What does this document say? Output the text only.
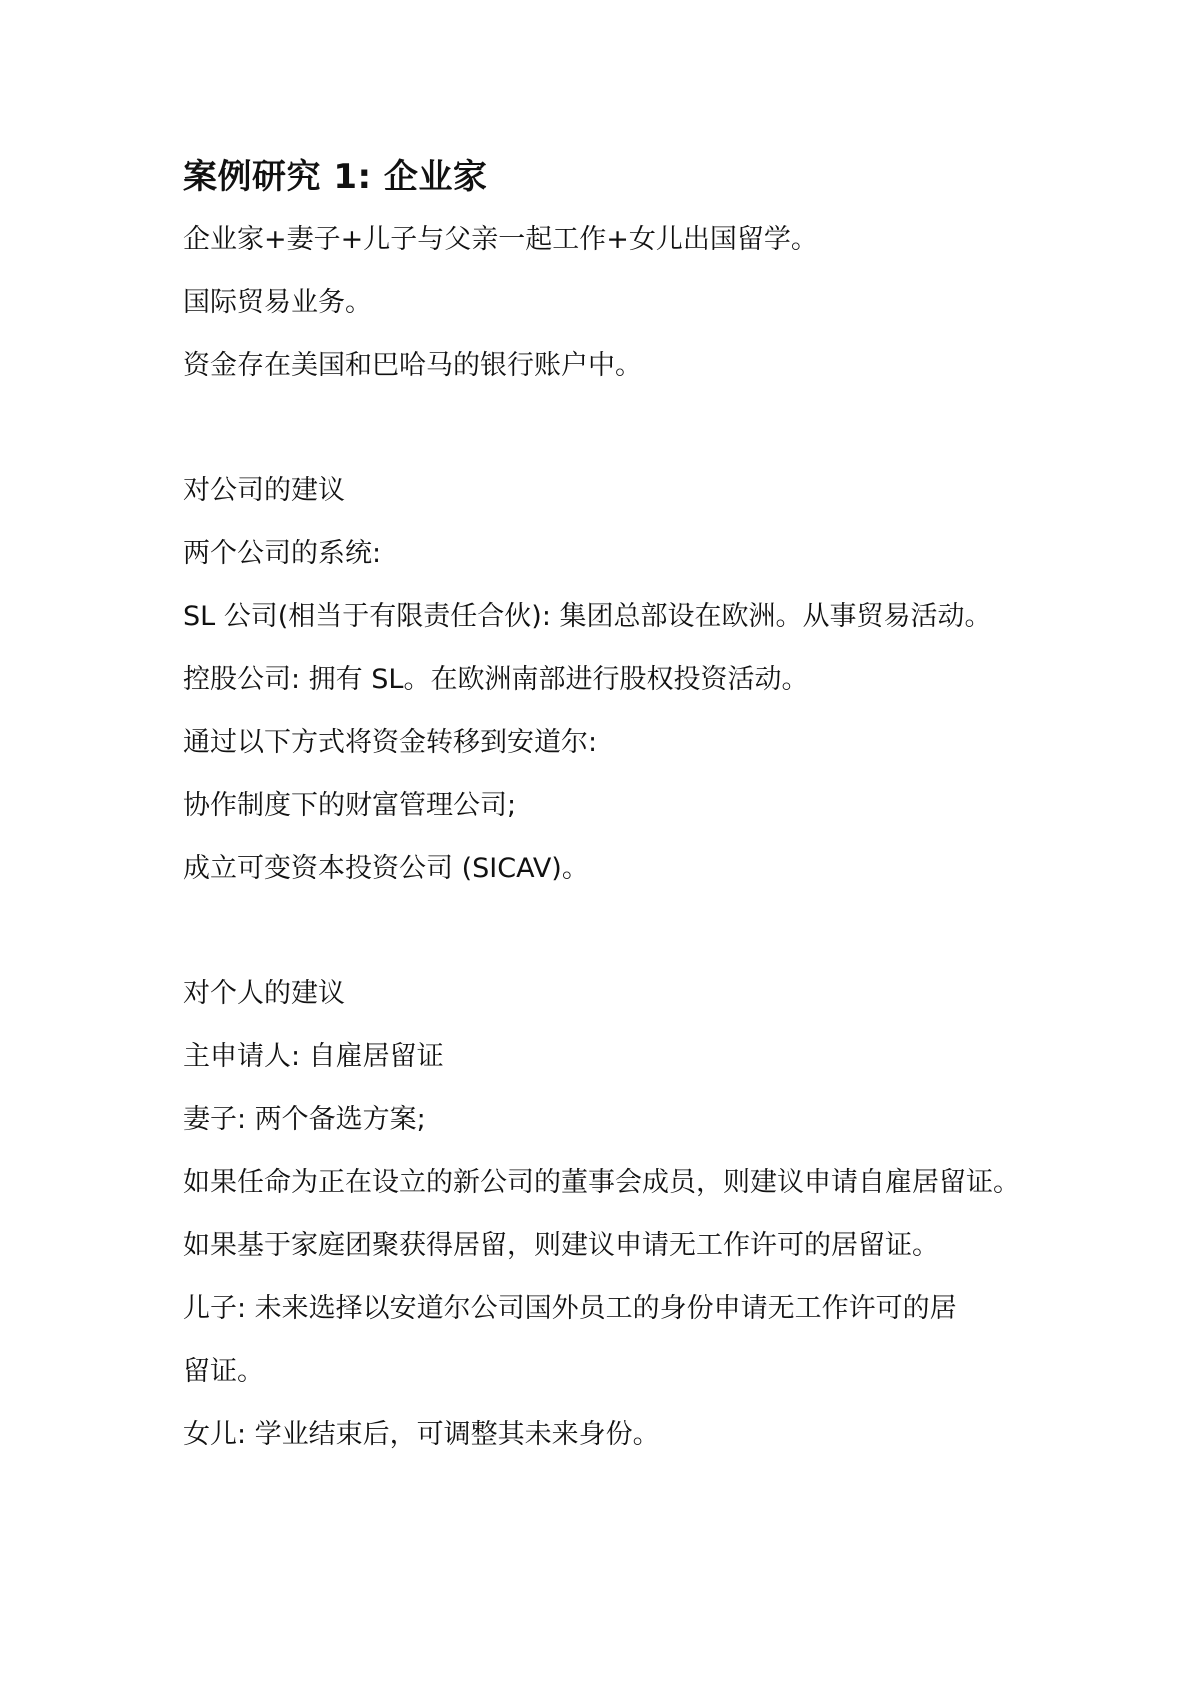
案例研究 1: 企业家
企业家+妻子+儿子与父亲一起工作+女儿出国留学。
国际贸易业务。
资金存在美国和巴哈马的银行账户中。
对公司的建议
两个公司的系统:
SL 公司(相当于有限责任合伙): 集团总部设在欧洲。从事贸易活动。
控股公司: 拥有 SL。在欧洲南部进行股权投资活动。
通过以下方式将资金转移到安道尔:
协作制度下的财富管理公司;
成立可变资本投资公司 (SICAV)。
对个人的建议
主申请人: 自雇居留证
妻子: 两个备选方案;
如果任命为正在设立的新公司的董事会成员，则建议申请自雇居留证。
如果基于家庭团聚获得居留，则建议申请无工作许可的居留证。
儿子: 未来选择以安道尔公司国外员工的身份申请无工作许可的居
留证。
女儿: 学业结束后，可调整其未来身份。
